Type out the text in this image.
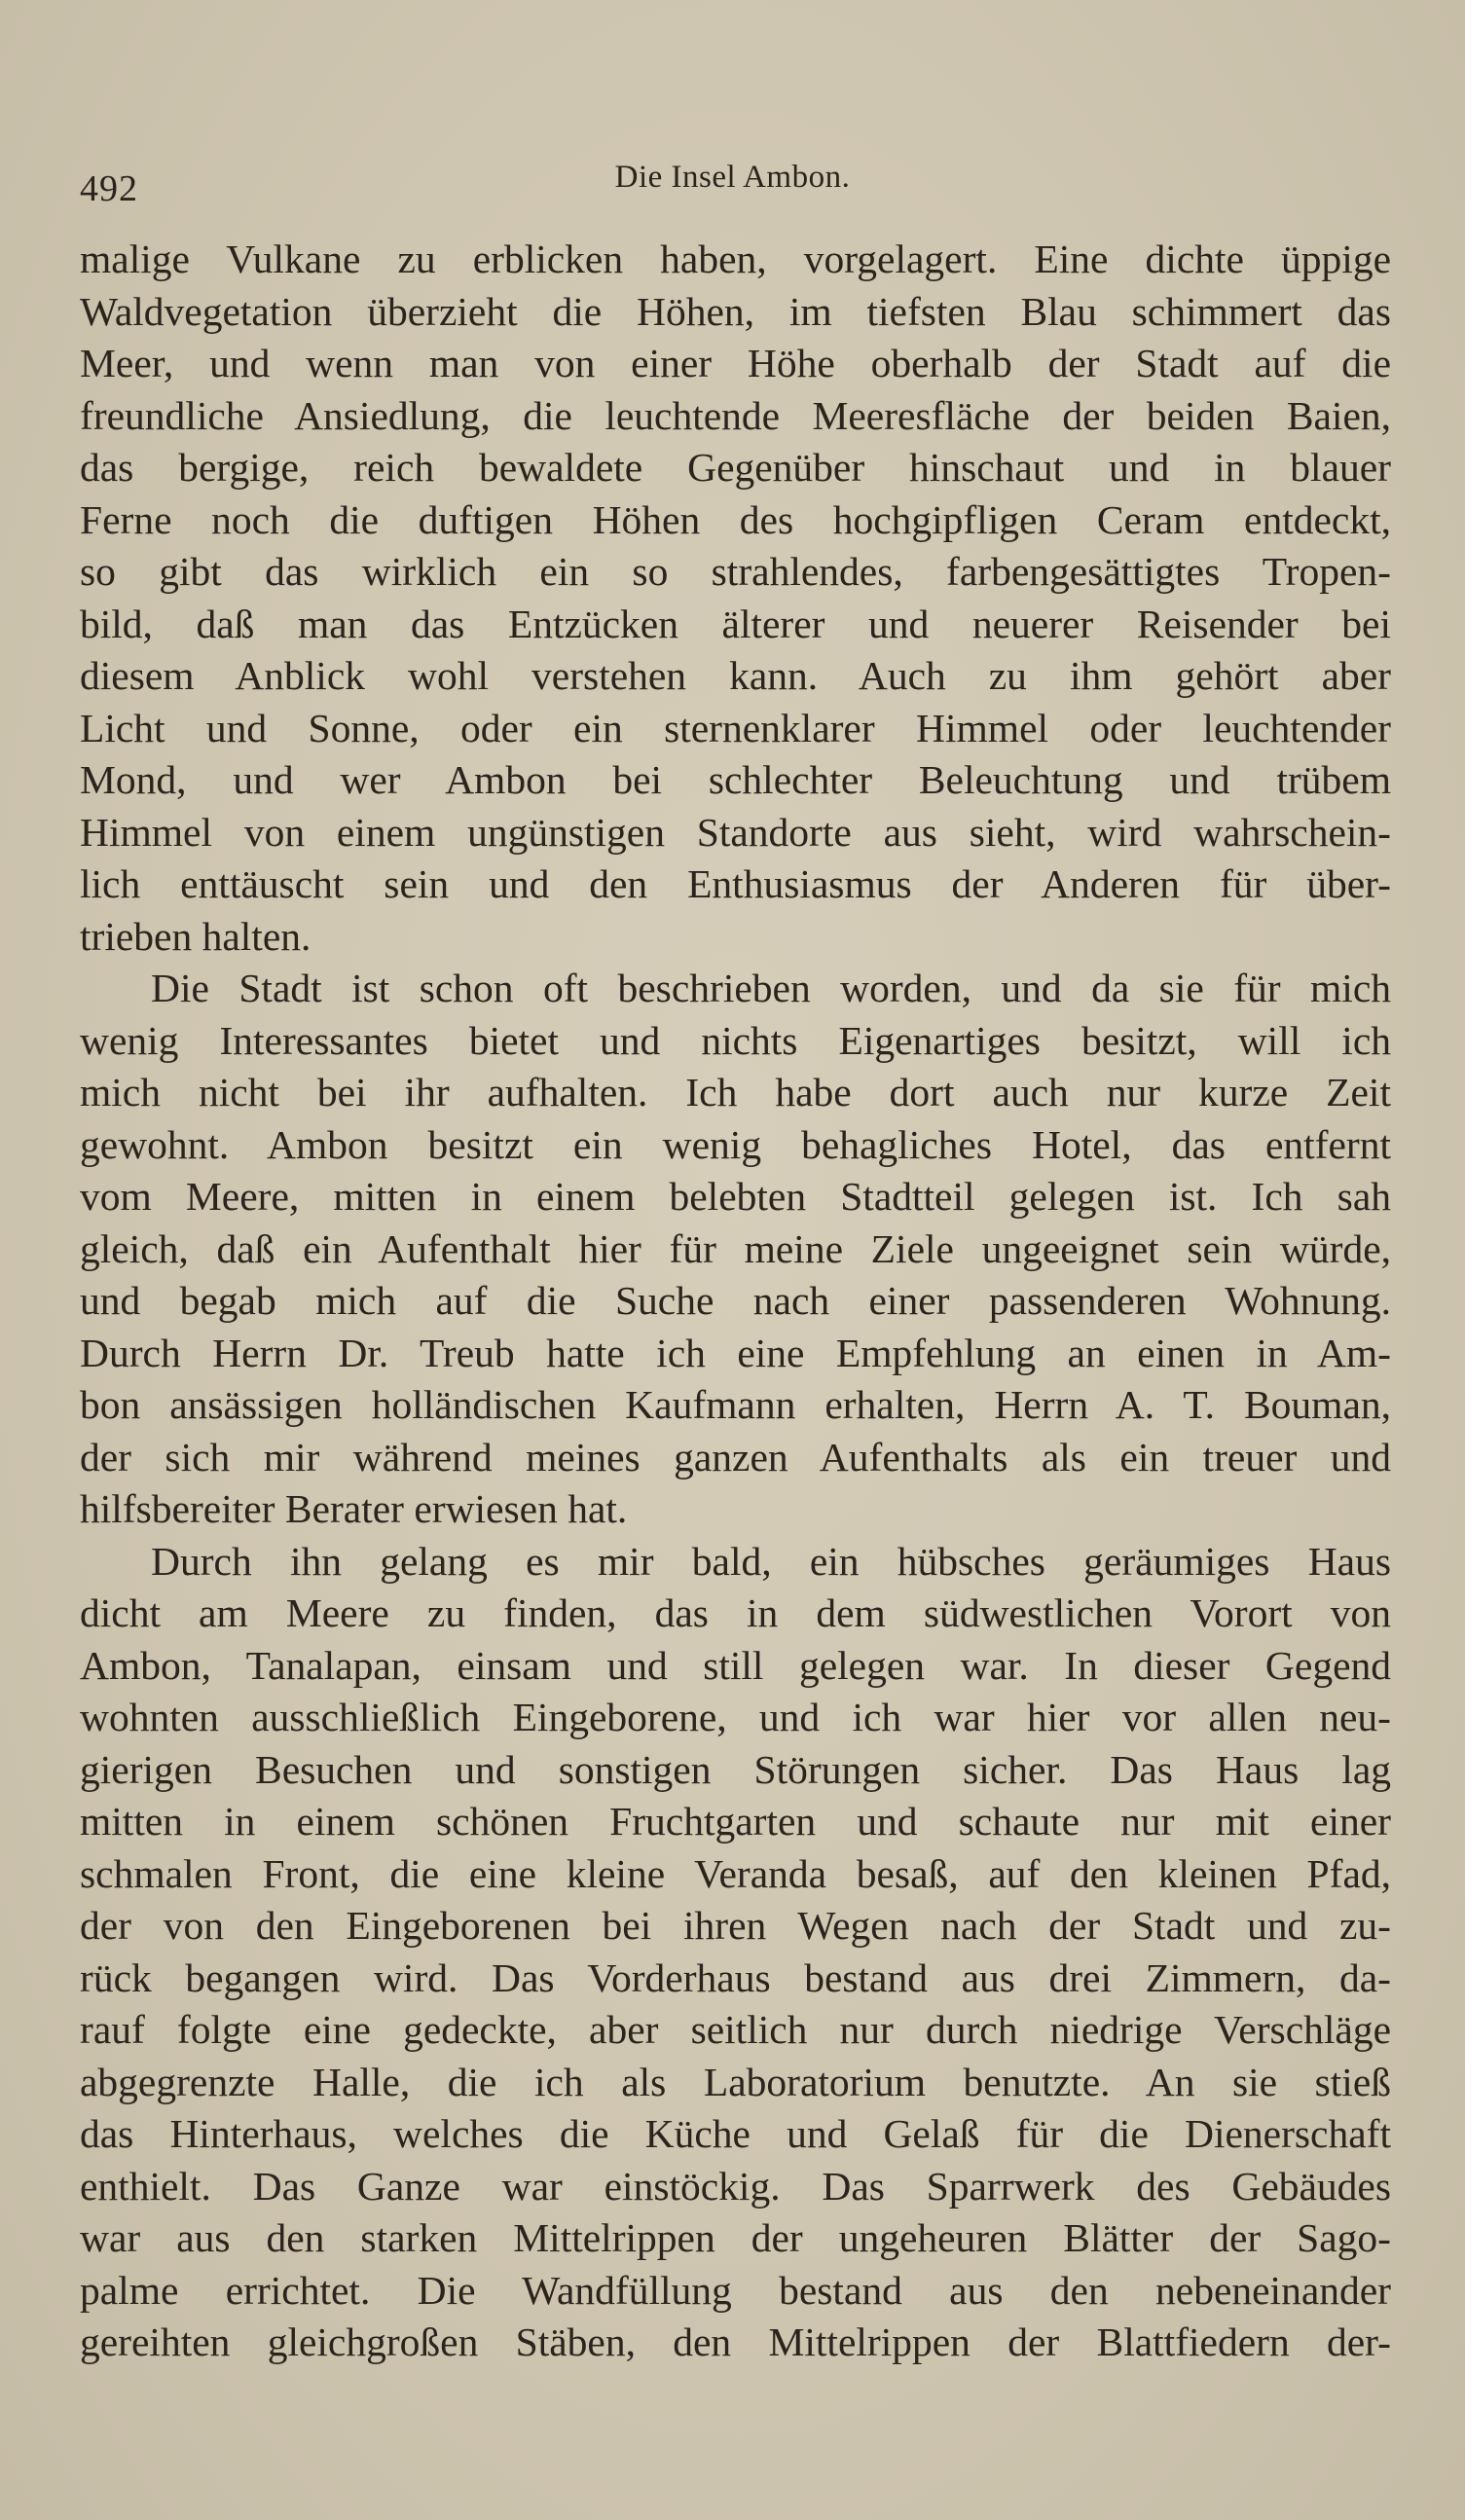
492	Die Insel Ambon.
malige Vulkane zu erblicken haben, vorgelagert. Eine dichte üppige
Waldvegetation überzieht die Höhen, im tiefsten Blau schimmert das
Meer, und wenn man von einer Höhe oberhalb der Stadt auf die
freundliche Ansiedlung, die leuchtende Meeresfläche der beiden Baien,
das bergige, reich bewaldete Gegenüber hinschaut und in blauer
Ferne noch die duftigen Höhen des hochgipfligen Ceram entdeckt,
so gibt das wirklich ein so strahlendes, farbengesättigtes Tropen-
bild, daß man das Entzücken älterer und neuerer Reisender bei
diesem Anblick wohl verstehen kann. Auch zu ihm gehört aber
Licht und Sonne, oder ein sternenklarer Himmel oder leuchtender
Mond, und wer Ambon bei schlechter Beleuchtung und trübem
Himmel von einem ungünstigen Standorte aus sieht, wird wahrschein-
lich enttäuscht sein und den Enthusiasmus der Anderen für über-
trieben halten.
Die Stadt ist schon oft beschrieben worden, und da sie für mich
wenig Interessantes bietet und nichts Eigenartiges besitzt, will ich
mich nicht bei ihr aufhalten. Ich habe dort auch nur kurze Zeit
gewohnt. Ambon besitzt ein wenig behagliches Hotel, das entfernt
vom Meere, mitten in einem belebten Stadtteil gelegen ist. Ich sah
gleich, daß ein Aufenthalt hier für meine Ziele ungeeignet sein würde,
und begab mich auf die Suche nach einer passenderen Wohnung.
Durch Herrn Dr. Treub hatte ich eine Empfehlung an einen in Am-
bon ansässigen holländischen Kaufmann erhalten, Herrn A. T. Bouman,
der sich mir während meines ganzen Aufenthalts als ein treuer und
hilfsbereiter Berater erwiesen hat.
Durch ihn gelang es mir bald, ein hübsches geräumiges Haus
dicht am Meere zu finden, das in dem südwestlichen Vorort von
Ambon, Tanalapan, einsam und still gelegen war. In dieser Gegend
wohnten ausschließlich Eingeborene, und ich war hier vor allen neu-
gierigen Besuchen und sonstigen Störungen sicher. Das Haus lag
mitten in einem schönen Fruchtgarten und schaute nur mit einer
schmalen Front, die eine kleine Veranda besaß, auf den kleinen Pfad,
der von den Eingeborenen bei ihren Wegen nach der Stadt und zu-
rück begangen wird. Das Vorderhaus bestand aus drei Zimmern, da-
rauf folgte eine gedeckte, aber seitlich nur durch niedrige Verschläge
abgegrenzte Halle, die ich als Laboratorium benutzte. An sie stieß
das Hinterhaus, welches die Küche und Gelaß für die Dienerschaft
enthielt. Das Ganze war einstöckig. Das Sparrwerk des Gebäudes
war aus den starken Mittelrippen der ungeheuren Blätter der Sago-
palme errichtet. Die Wandfüllung bestand aus den nebeneinander
gereihten gleichgroßen Stäben, den Mittelrippen der Blattfiedern der-
